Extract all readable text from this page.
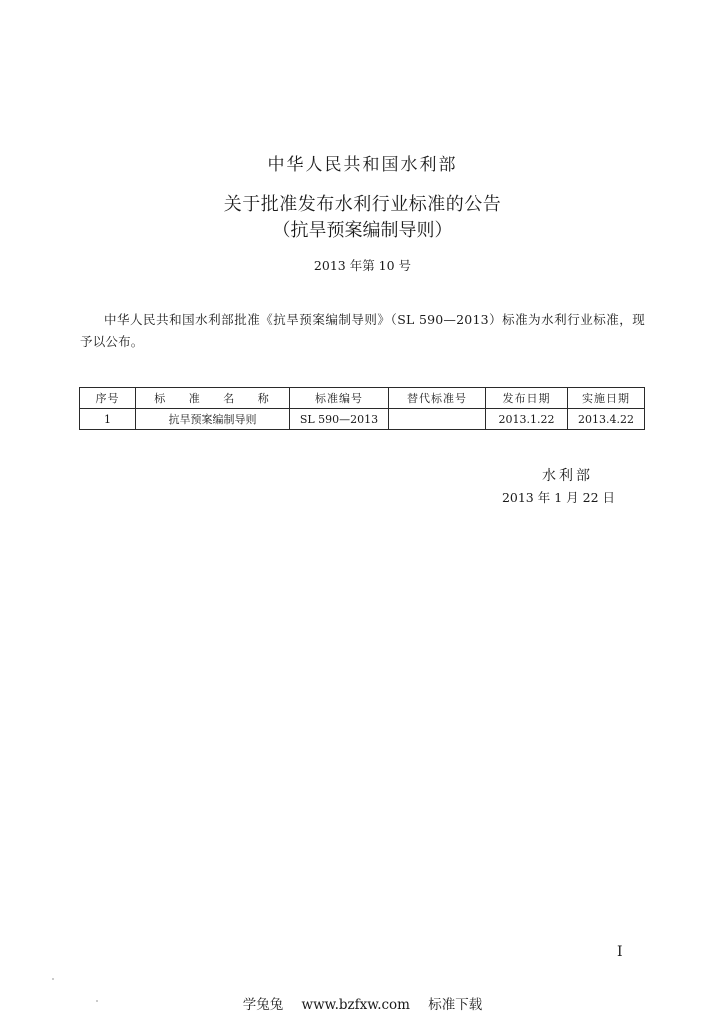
中华人民共和国水利部
关于批准发布水利行业标准的公告
（抗旱预案编制导则）
2013 年第 10 号
中华人民共和国水利部批准《抗旱预案编制导则》（SL 590—2013）标准为水利行业标准，现予以公布。
序号	标 准 名 称	标准编号	替代标准号	发布日期	实施日期
1	抗旱预案编制导则	SL 590—2013		2013.1.22	2013.4.22
水利部
2013 年 1 月 22 日
I
学兔兔 www.bzfxw.com 标准下载
